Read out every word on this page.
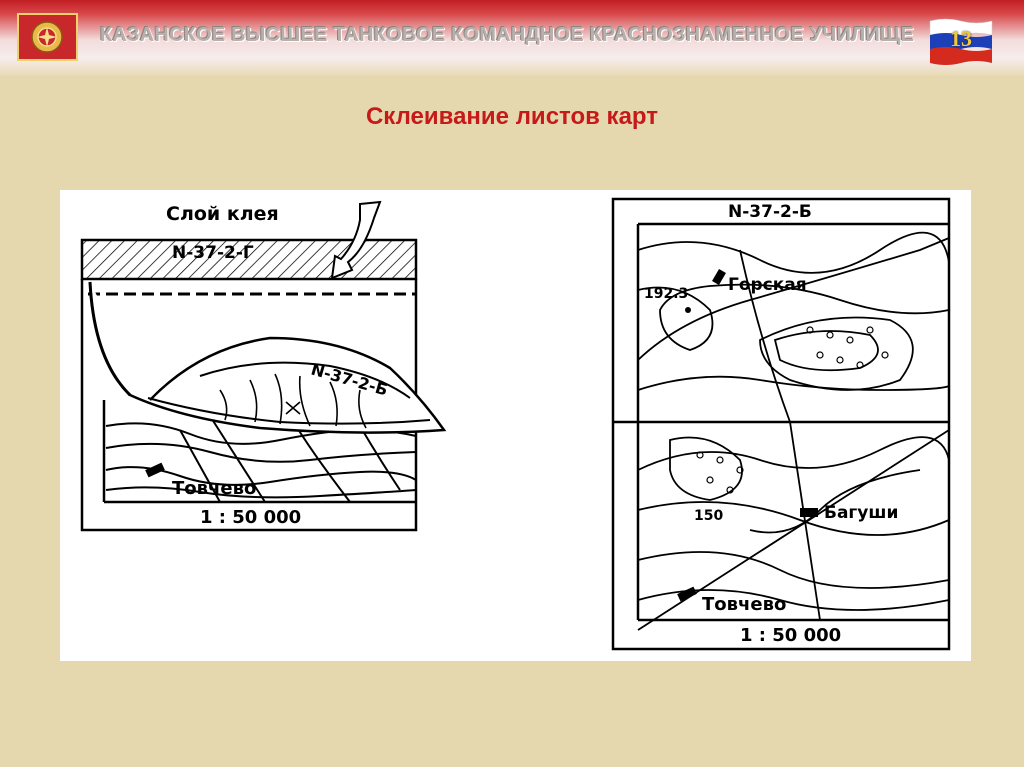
КАЗАНСКОЕ ВЫСШЕЕ ТАНКОВОЕ КОМАНДНОЕ КРАСНОЗНАМЕННОЕ УЧИЛИЩЕ	13
Склеивание листов карт
N-37-2-Г
Слой клея
N-37-2-Б
Товчево
1 : 50 000
N-37-2-Б
192.3 Горская
150	Багуши
Товчево
1 : 50 000
